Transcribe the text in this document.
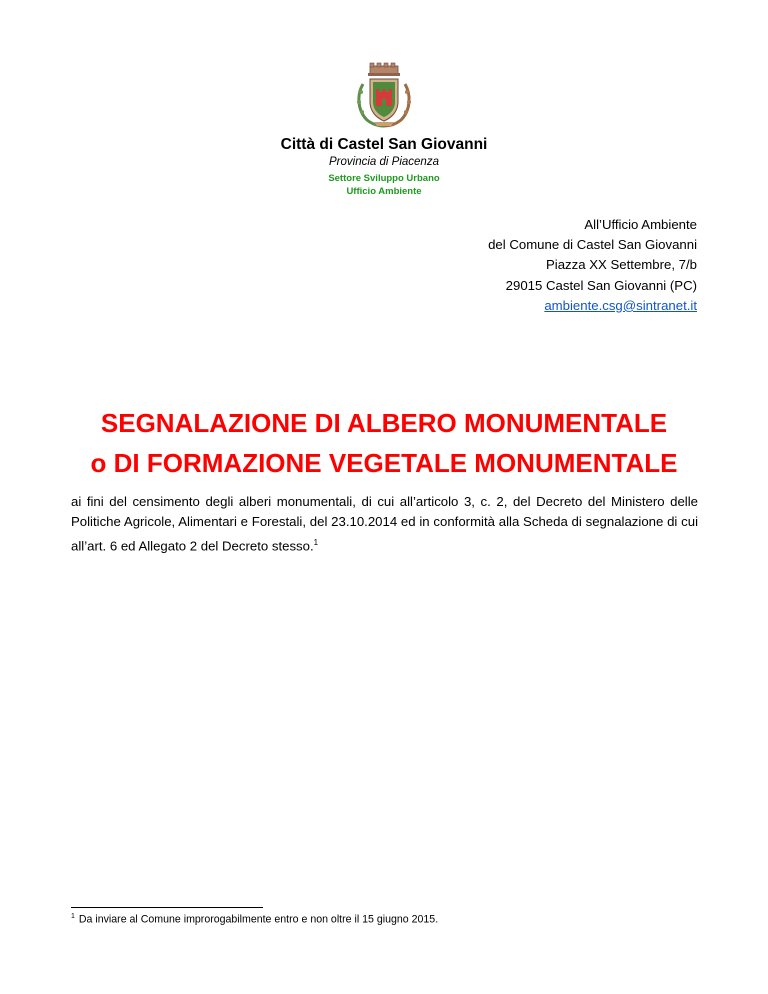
Città di Castel San Giovanni
Provincia di Piacenza
Settore Sviluppo Urbano
Ufficio Ambiente
All’Ufficio Ambiente
del Comune di Castel San Giovanni
Piazza XX Settembre, 7/b
29015 Castel San Giovanni (PC)
ambiente.csg@sintranet.it
SEGNALAZIONE DI ALBERO MONUMENTALE
o DI FORMAZIONE VEGETALE MONUMENTALE
ai fini del censimento degli alberi monumentali, di cui all’articolo 3, c. 2, del Decreto del Ministero delle Politiche Agricole, Alimentari e Forestali, del 23.10.2014 ed in conformità alla Scheda di segnalazione di cui all’art. 6 ed Allegato 2 del Decreto stesso.$^1$
$^1$ Da inviare al Comune improrogabilmente entro e non oltre il 15 giugno 2015.
